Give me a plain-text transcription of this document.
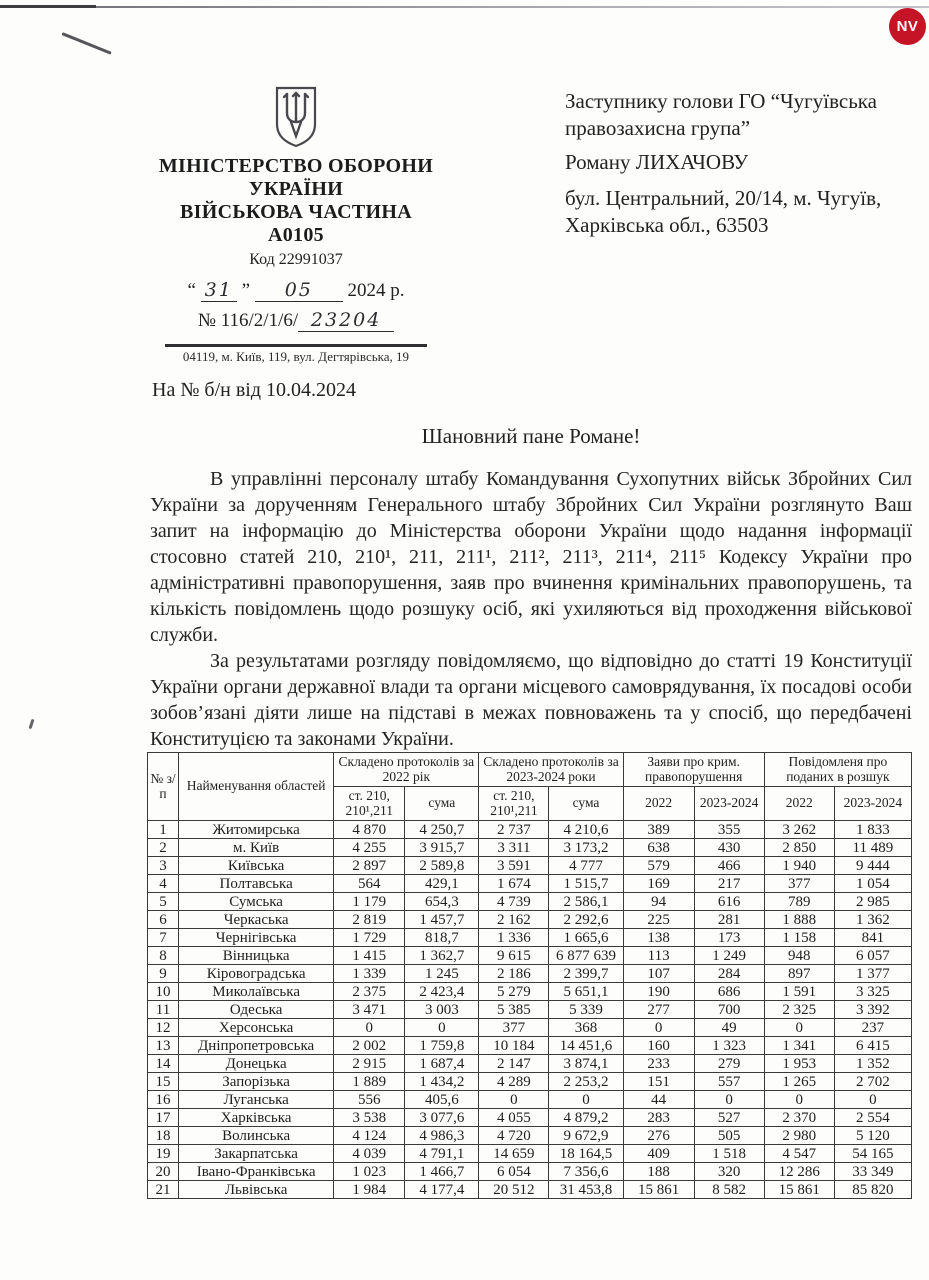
NV
МІНІСТЕРСТВО ОБОРОНИ
УКРАЇНИ
ВІЙСЬКОВА ЧАСТИНА
А0105
Код 22991037
“ 31 ” 05 2024 р.
№ 116/2/1/6/ 23204
04119, м. Київ, 119, вул. Дегтярівська, 19
Заступнику голови ГО “Чугуївська
правозахисна група”
Роману ЛИХАЧОВУ
бул. Центральний, 20/14, м. Чугуїв,
Харківська обл., 63503
На № б/н від 10.04.2024
Шановний пане Романе!

В управлінні персоналу штабу Командування Сухопутних військ Збройних Сил України за дорученням Генерального штабу Збройних Сил України розглянуто Ваш запит на інформацію до Міністерства оборони України щодо надання інформації стосовно статей 210, 210¹, 211, 211¹, 211², 211³, 211⁴, 211⁵ Кодексу України про адміністративні правопорушення, заяв про вчинення кримінальних правопорушень, та кількість повідомлень щодо розшуку осіб, які ухиляються від проходження військової служби.

За результатами розгляду повідомляємо, що відповідно до статті 19 Конституції України органи державної влади та органи місцевого самоврядування, їх посадові особи зобов’язані діяти лише на підставі в межах повноважень та у спосіб, що передбачені Конституцією та законами України.

№ з/п	Найменування областей	Складено протоколів за 2022 рік		Складено протоколів за 2023-2024 роки		Заяви про крим. правопорушення		Повідомленя про поданих в розшук	
		ст. 210, 210¹,211	сума	ст. 210, 210¹,211	сума	2022	2023-2024	2022	2023-2024
1	Житомирська	4 870	4 250,7	2 737	4 210,6	389	355	3 262	1 833
2	м. Київ	4 255	3 915,7	3 311	3 173,2	638	430	2 850	11 489
3	Київська	2 897	2 589,8	3 591	4 777	579	466	1 940	9 444
4	Полтавська	564	429,1	1 674	1 515,7	169	217	377	1 054
5	Сумська	1 179	654,3	4 739	2 586,1	94	616	789	2 985
6	Черкаська	2 819	1 457,7	2 162	2 292,6	225	281	1 888	1 362
7	Чернігівська	1 729	818,7	1 336	1 665,6	138	173	1 158	841
8	Вінницька	1 415	1 362,7	9 615	6 877 639	113	1 249	948	6 057
9	Кіровоградська	1 339	1 245	2 186	2 399,7	107	284	897	1 377
10	Миколаївська	2 375	2 423,4	5 279	5 651,1	190	686	1 591	3 325
11	Одеська	3 471	3 003	5 385	5 339	277	700	2 325	3 392
12	Херсонська	0	0	377	368	0	49	0	237
13	Дніпропетровська	2 002	1 759,8	10 184	14 451,6	160	1 323	1 341	6 415
14	Донецька	2 915	1 687,4	2 147	3 874,1	233	279	1 953	1 352
15	Запорізька	1 889	1 434,2	4 289	2 253,2	151	557	1 265	2 702
16	Луганська	556	405,6	0	0	44	0	0	0
17	Харківська	3 538	3 077,6	4 055	4 879,2	283	527	2 370	2 554
18	Волинська	4 124	4 986,3	4 720	9 672,9	276	505	2 980	5 120
19	Закарпатська	4 039	4 791,1	14 659	18 164,5	409	1 518	4 547	54 165
20	Івано-Франківська	1 023	1 466,7	6 054	7 356,6	188	320	12 286	33 349
21	Львівська	1 984	4 177,4	20 512	31 453,8	15 861	8 582	15 861	85 820
